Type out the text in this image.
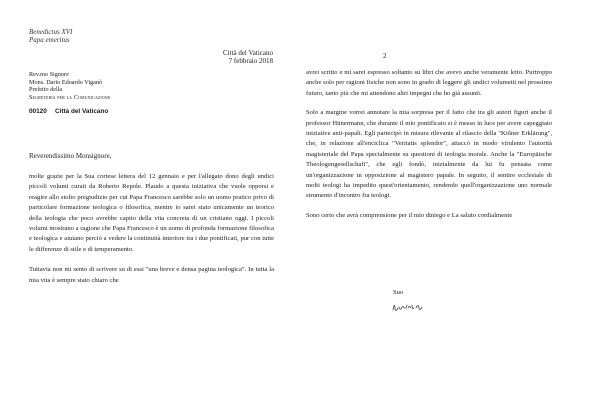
Benedictus XVI
Papa emeritus
Città del Vaticano
7 febbraio 2018
Rev.mo Signore
Mons. Dario Edoardo Viganò
Prefetto della
Segreteria per la Comunicazione
00120 Città del Vaticano
Reverendissimo Monsignore,

molte grazie per la Sua cortese lettera del 12 gennaio e per l'allegato dono degli undici piccoli volumi curati da Roberto Repole. Plaudo a questa iniziativa che vuole opporsi e reagire allo stolto pregiudizio per cui Papa Francesco sarebbe solo un uomo pratico privo di particolare formazione teologica o filosofica, mentre io sarei stato unicamente un teorico della teologia che poco avrebbe capito della vita concreta di un cristiano oggi. I piccoli volumi mostrano a ragione che Papa Francesco è un uomo di profonda formazione filosofica e teologica e aiutano perciò a vedere la continuità interiore tra i due pontificati, pur con tutte le differenze di stile e di temperamento.

Tuttavia non mi sento di scrivere su di essi "una breve e densa pagina teologica". In tutta la mia vita è sempre stato chiaro che

2

avrei scritto e mi sarei espresso soltanto su libri che avevo anche veramente letto. Purtroppo anche solo per ragioni fisiche non sono in grado di leggere gli undici volumetti nel prossimo futuro, tanto più che mi attendono altri impegni che ho già assunti.

Solo a margine vorrei annotare la mia sorpresa per il fatto che tra gli autori figuri anche il professor Hünermann, che durante il mio pontificato si è messo in luce per avere capeggiato iniziative anti-papali. Egli partecipò in misura rilevante al rilascio della "Kölner Erklärung", che, in relazione all'enciclica "Veritatis splendor", attaccò in modo virulento l'autorità magisteriale del Papa specialmente su questioni di teologia morale. Anche la "Europäische Theologengesellschaft", che egli fondò, inizialmente da lui fu pensata come un'organizzazione in opposizione al magistero papale. In seguito, il sentire ecclesiale di molti teologi ha impedito quest'orientamento, rendendo quell'organizzazione uno normale strumento d'incontro fra teologi.

Sono certo che avrà comprensione per il mio diniego e La saluto cordialmente

Suo
